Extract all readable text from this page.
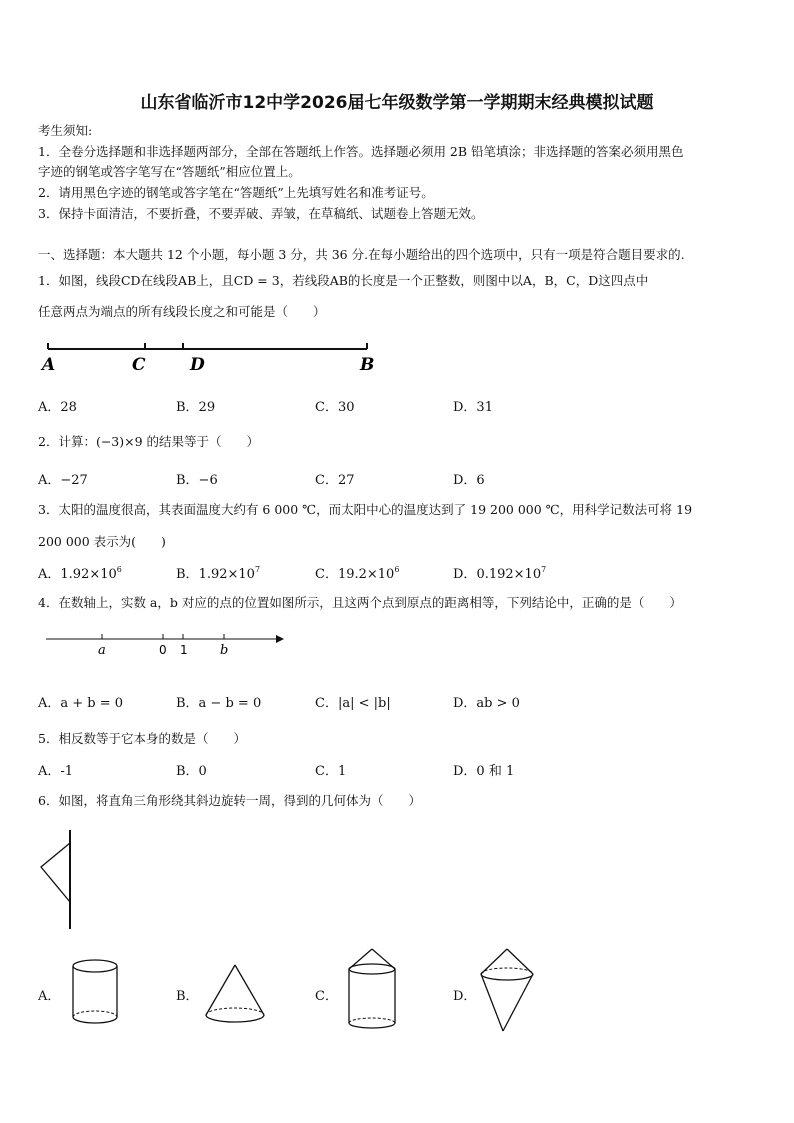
山东省临沂市12中学2026届七年级数学第一学期期末经典模拟试题
考生须知:
1．全卷分选择题和非选择题两部分，全部在答题纸上作答。选择题必须用 2B 铅笔填涂；非选择题的答案必须用黑色
字迹的钢笔或答字笔写在“答题纸”相应位置上。
2．请用黑色字迹的钢笔或答字笔在“答题纸”上先填写姓名和准考证号。
3．保持卡面清洁，不要折叠，不要弄破、弄皱，在草稿纸、试题卷上答题无效。
一、选择题：本大题共 12 个小题，每小题 3 分，共 36 分.在每小题给出的四个选项中，只有一项是符合题目要求的.
1．如图，线段CD在线段AB上，且CD = 3，若线段AB的长度是一个正整数，则图中以A，B，C，D这四点中
任意两点为端点的所有线段长度之和可能是（　　）
A	C	D	B
A．28	B．29	C．30	D．31
2．计算：(−3)×9 的结果等于（　　）
A．−27	B．−6	C．27	D．6
3．太阳的温度很高，其表面温度大约有 6 000 ℃，而太阳中心的温度达到了 19 200 000 ℃，用科学记数法可将 19
200 000 表示为(　　)
A．$1.92\times 10^6$	B．$1.92\times 10^7$	C．$19.2\times 10^6$	D．$0.192\times 10^7$
4．在数轴上，实数 a，b 对应的点的位置如图所示，且这两个点到原点的距离相等，下列结论中，正确的是（　　）
a	0 1 b
A．a + b = 0	B．a − b = 0	C．|a| < |b|	D．ab > 0
5．相反数等于它本身的数是（　　）
A．-1	B．0	C．1	D．0 和 1
6．如图，将直角三角形绕其斜边旋转一周，得到的几何体为（　　）
A．	B．	C．	D．
